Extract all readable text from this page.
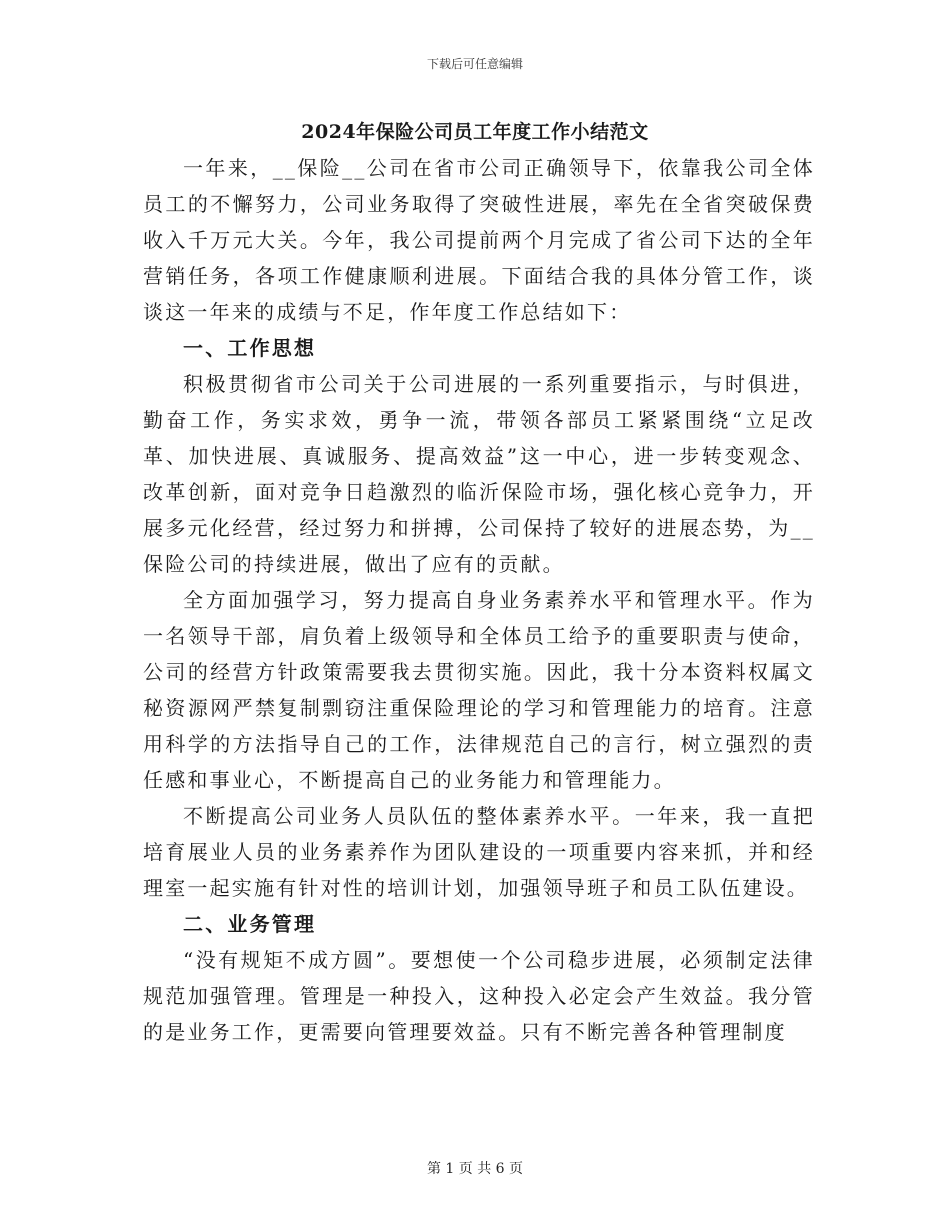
下载后可任意编辑
2024年保险公司员工年度工作小结范文

一年来，__保险__公司在省市公司正确领导下，依靠我公司全体员工的不懈努力，公司业务取得了突破性进展，率先在全省突破保费收入千万元大关。今年，我公司提前两个月完成了省公司下达的全年营销任务，各项工作健康顺利进展。下面结合我的具体分管工作，谈谈这一年来的成绩与不足，作年度工作总结如下：

一、工作思想

积极贯彻省市公司关于公司进展的一系列重要指示，与时俱进，勤奋工作，务实求效，勇争一流，带领各部员工紧紧围绕“立足改革、加快进展、真诚服务、提高效益”这一中心，进一步转变观念、改革创新，面对竞争日趋激烈的临沂保险市场，强化核心竞争力，开展多元化经营，经过努力和拼搏，公司保持了较好的进展态势，为__保险公司的持续进展，做出了应有的贡献。

全方面加强学习，努力提高自身业务素养水平和管理水平。作为一名领导干部，肩负着上级领导和全体员工给予的重要职责与使命，公司的经营方针政策需要我去贯彻实施。因此，我十分本资料权属文秘资源网严禁复制剽窃注重保险理论的学习和管理能力的培育。注意用科学的方法指导自己的工作，法律规范自己的言行，树立强烈的责任感和事业心，不断提高自己的业务能力和管理能力。

不断提高公司业务人员队伍的整体素养水平。一年来，我一直把培育展业人员的业务素养作为团队建设的一项重要内容来抓，并和经理室一起实施有针对性的培训计划，加强领导班子和员工队伍建设。

二、业务管理

“没有规矩不成方圆”。要想使一个公司稳步进展，必须制定法律规范加强管理。管理是一种投入，这种投入必定会产生效益。我分管的是业务工作，更需要向管理要效益。只有不断完善各种管理制度

第 1 页 共 6 页
